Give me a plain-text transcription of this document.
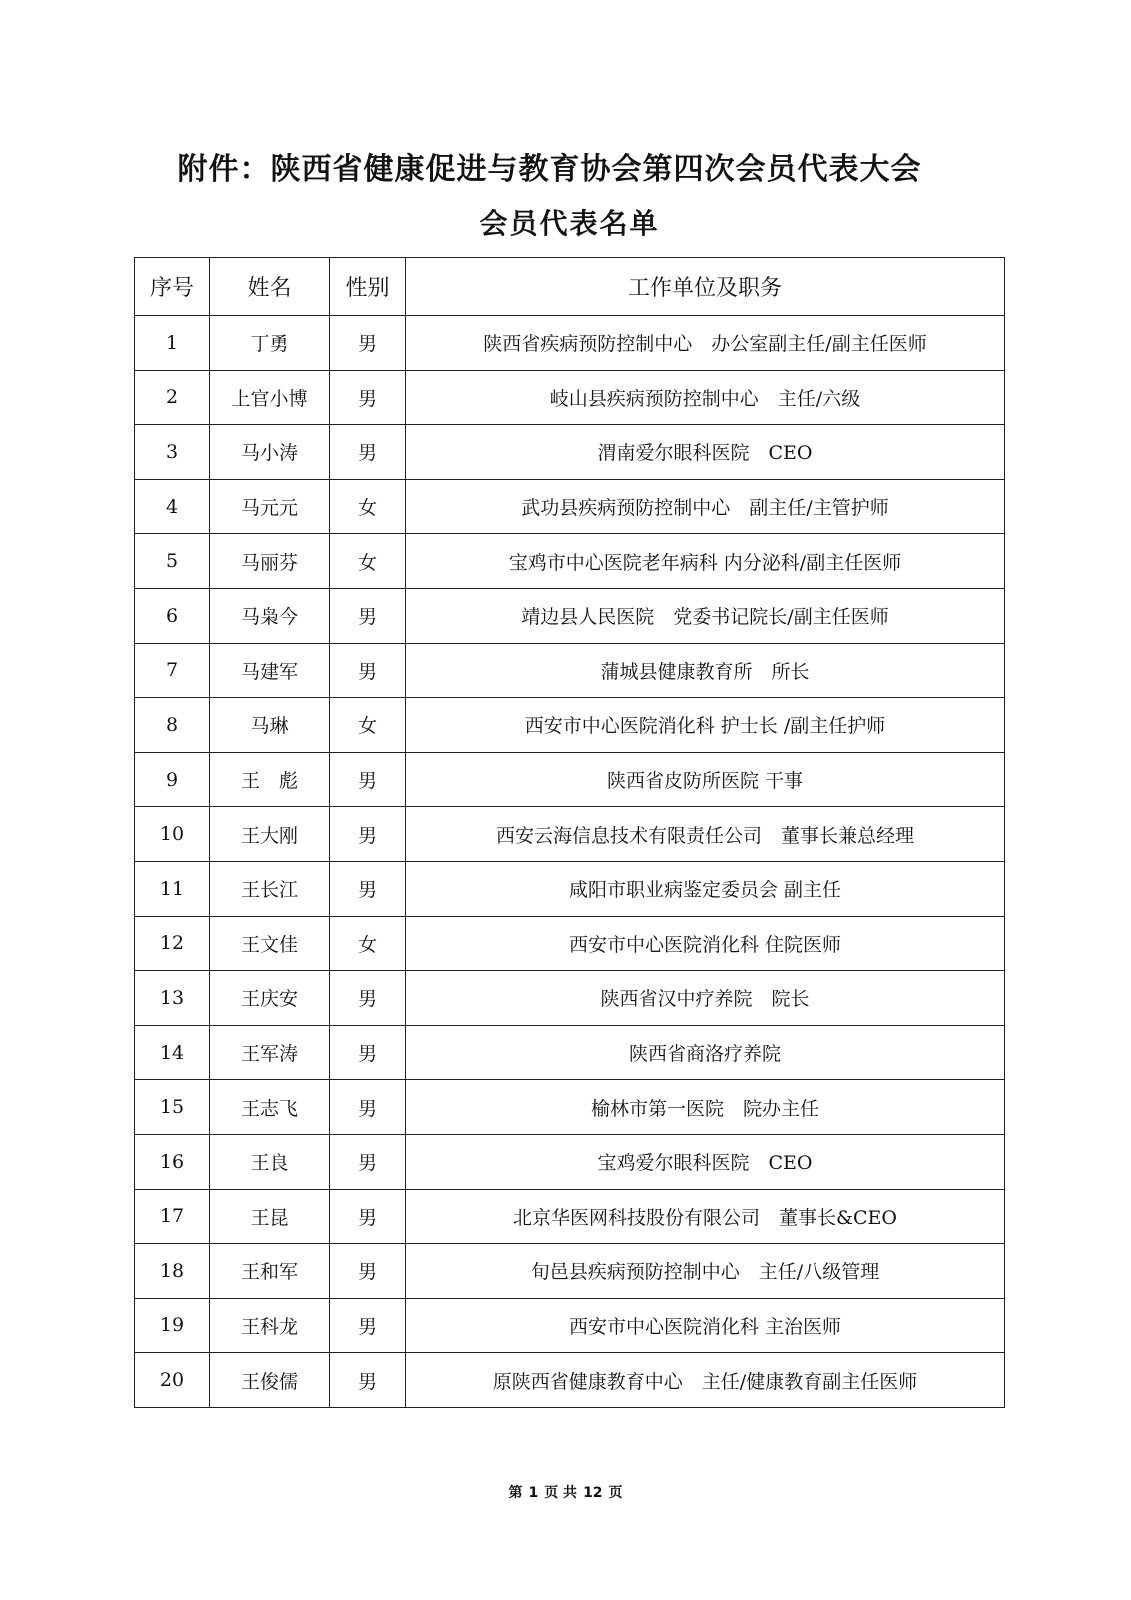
附件：陕西省健康促进与教育协会第四次会员代表大会
会员代表名单
序号	姓名	性别	工作单位及职务
1	丁勇	男	陕西省疾病预防控制中心　办公室副主任/副主任医师
2	上官小博	男	岐山县疾病预防控制中心　主任/六级
3	马小涛	男	渭南爱尔眼科医院　CEO
4	马元元	女	武功县疾病预防控制中心　副主任/主管护师
5	马丽芬	女	宝鸡市中心医院老年病科 内分泌科/副主任医师
6	马枭今	男	靖边县人民医院　党委书记院长/副主任医师
7	马建军	男	蒲城县健康教育所　所长
8	马琳	女	西安市中心医院消化科 护士长 /副主任护师
9	王　彪	男	陕西省皮防所医院 干事
10	王大刚	男	西安云海信息技术有限责任公司　董事长兼总经理
11	王长江	男	咸阳市职业病鉴定委员会 副主任
12	王文佳	女	西安市中心医院消化科 住院医师
13	王庆安	男	陕西省汉中疗养院　院长
14	王军涛	男	陕西省商洛疗养院
15	王志飞	男	榆林市第一医院　院办主任
16	王良	男	宝鸡爱尔眼科医院　CEO
17	王昆	男	北京华医网科技股份有限公司　董事长&CEO
18	王和军	男	旬邑县疾病预防控制中心　主任/八级管理
19	王科龙	男	西安市中心医院消化科 主治医师
20	王俊儒	男	原陕西省健康教育中心　主任/健康教育副主任医师
第 1 页 共 12 页
